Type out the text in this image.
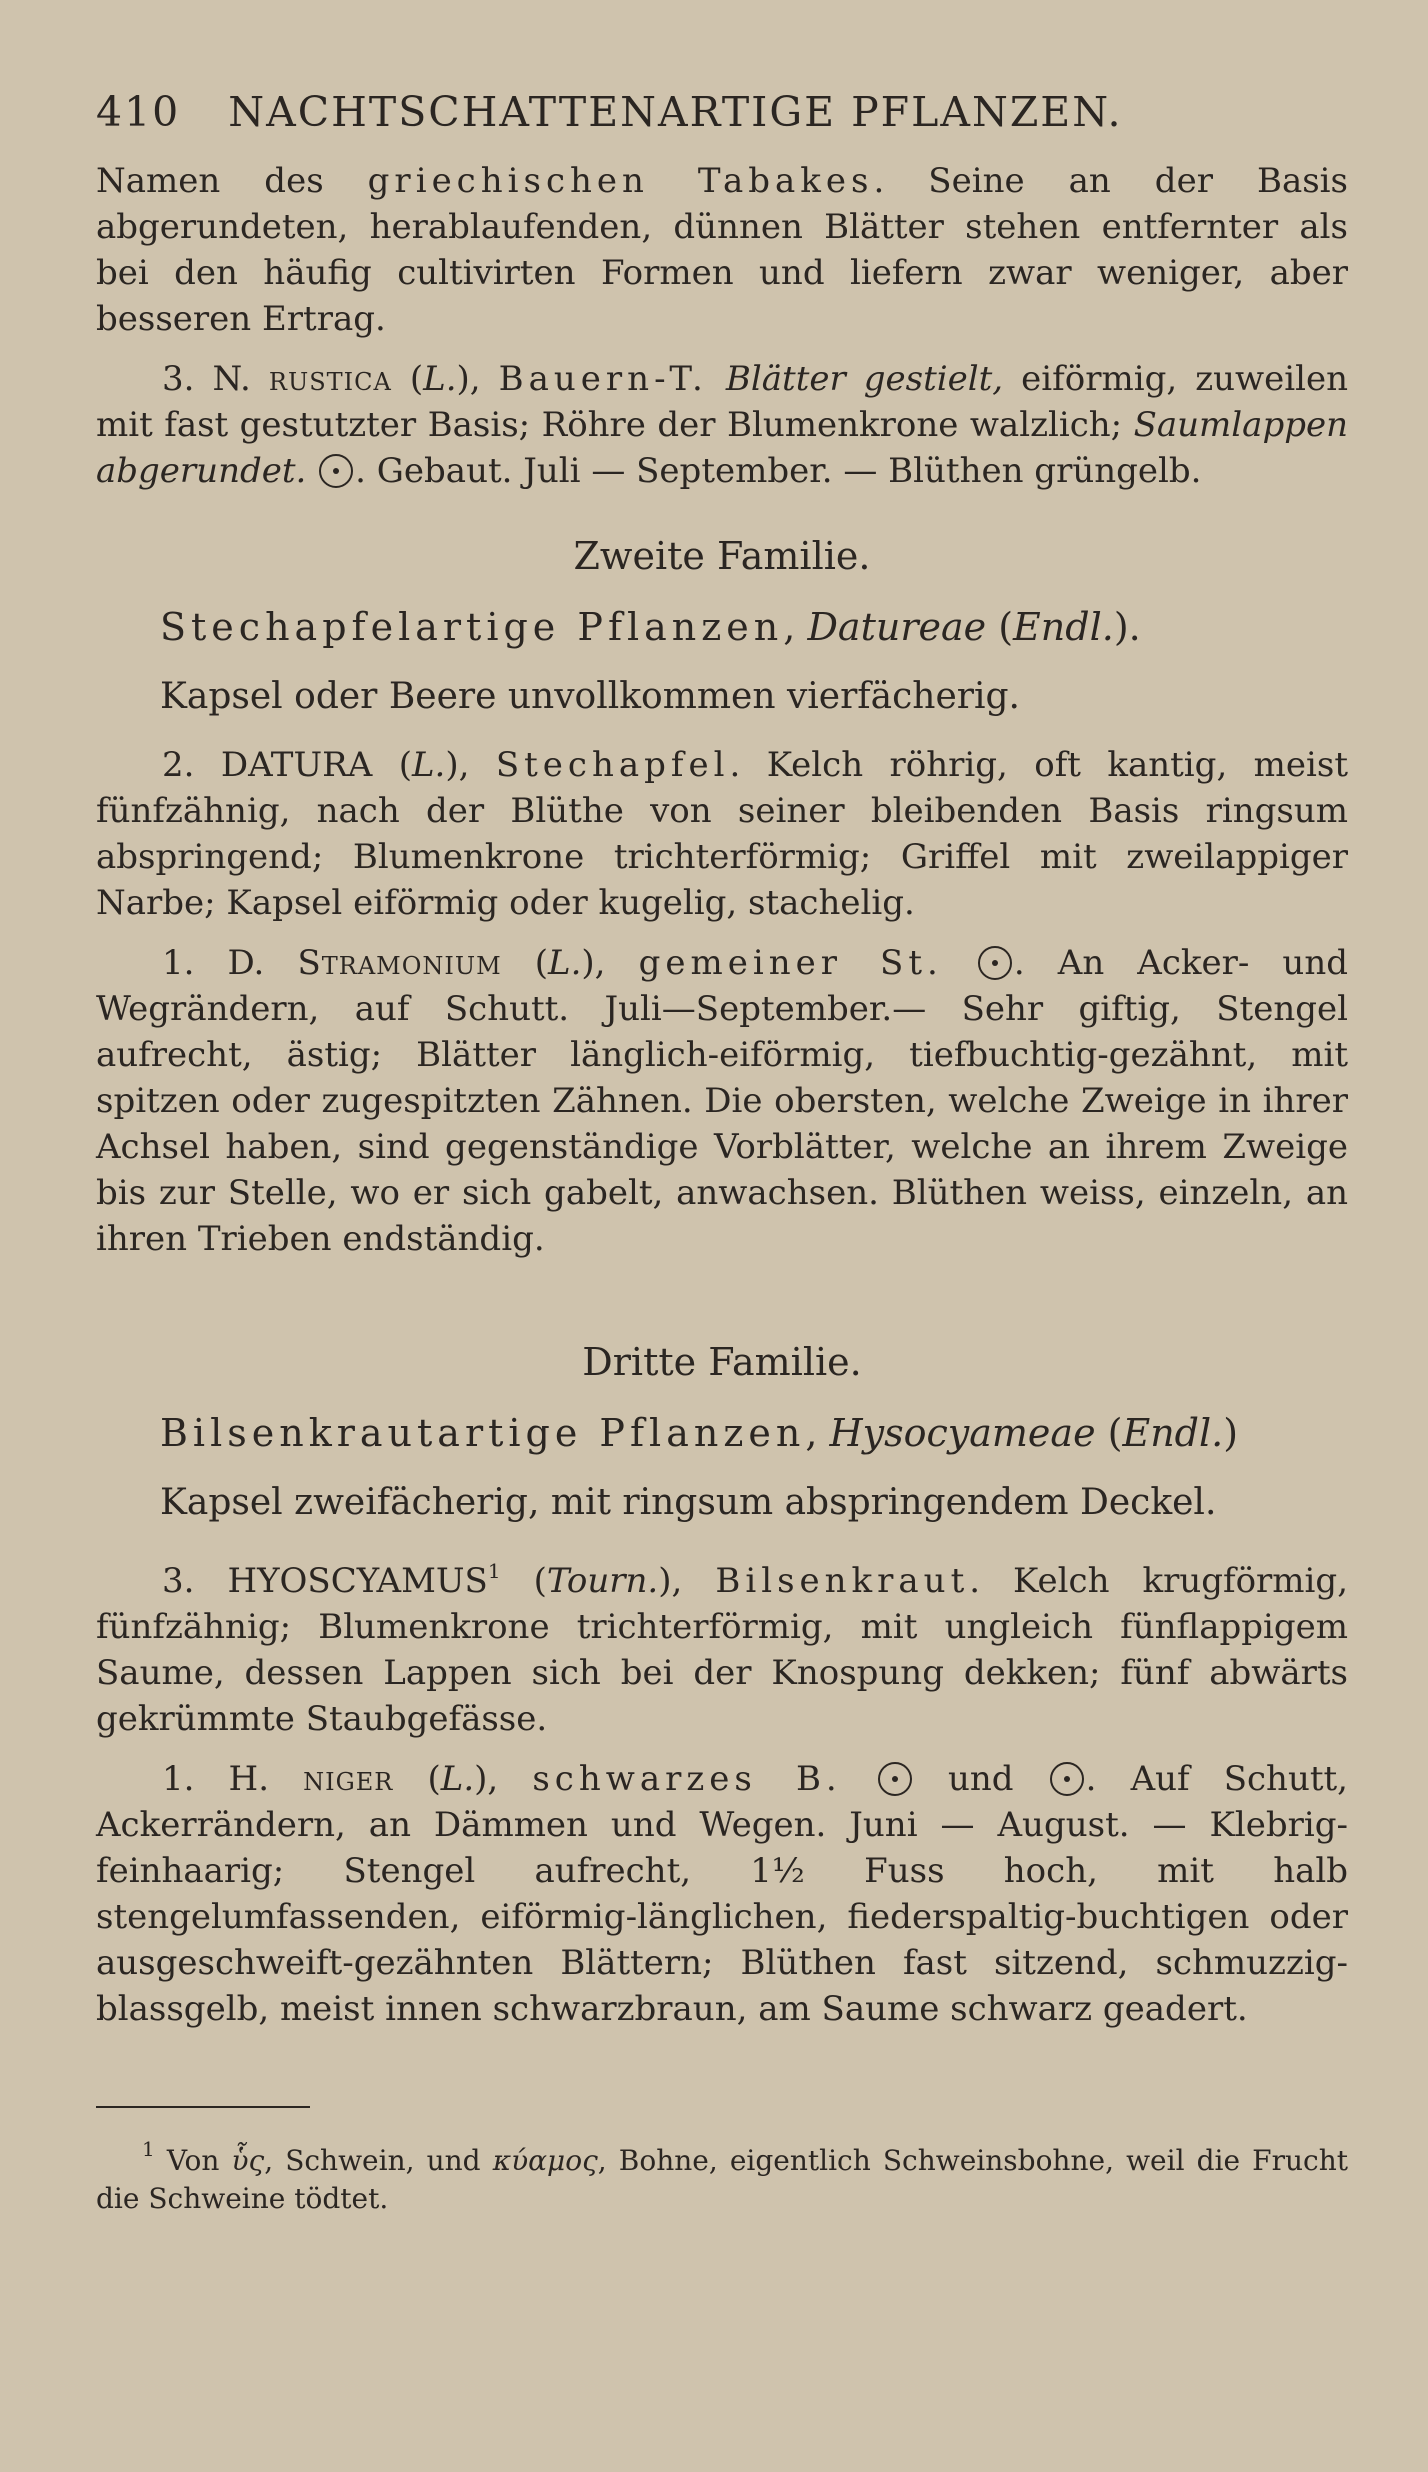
410 NACHTSCHATTENARTIGE PFLANZEN.

Namen des griechischen Tabakes. Seine an der Basis abgerundeten, herablaufenden, dünnen Blätter stehen entfernter als bei den häufig cultivirten Formen und liefern zwar weniger, aber besseren Ertrag.

3. N. rustica (L.), Bauern-T. Blätter gestielt, eiförmig, zuweilen mit fast gestutzter Basis; Röhre der Blumenkrone walzlich; Saumlappen abgerundet. . Gebaut. Juli — September. — Blüthen grüngelb.

Zweite Familie.

Stechapfelartige Pflanzen, Datureae (Endl.).

Kapsel oder Beere unvollkommen vierfächerig.

2. DATURA (L.), Stechapfel. Kelch röhrig, oft kantig, meist fünfzähnig, nach der Blüthe von seiner bleibenden Basis ringsum abspringend; Blumenkrone trichterförmig; Griffel mit zweilappiger Narbe; Kapsel eiförmig oder kugelig, stachelig.

1. D. Stramonium (L.), gemeiner St. . An Acker- und Wegrändern, auf Schutt. Juli—September.— Sehr giftig, Stengel aufrecht, ästig; Blätter länglich-eiförmig, tiefbuchtig-gezähnt, mit spitzen oder zugespitzten Zähnen. Die obersten, welche Zweige in ihrer Achsel haben, sind gegenständige Vorblätter, welche an ihrem Zweige bis zur Stelle, wo er sich gabelt, anwachsen. Blüthen weiss, einzeln, an ihren Trieben endständig.

Dritte Familie.

Bilsenkrautartige Pflanzen, Hysocyameae (Endl.)

Kapsel zweifächerig, mit ringsum abspringendem Deckel.

3. HYOSCYAMUS$^1$ (Tourn.), Bilsenkraut. Kelch krugförmig, fünfzähnig; Blumenkrone trichterförmig, mit ungleich fünflappigem Saume, dessen Lappen sich bei der Knospung dekken; fünf abwärts gekrümmte Staubgefässe.

1. H. niger (L.), schwarzes B.  und . Auf Schutt, Ackerrändern, an Dämmen und Wegen. Juni — August. — Klebrig-feinhaarig; Stengel aufrecht, 1½ Fuss hoch, mit halb stengelumfassenden, eiförmig-länglichen, fiederspaltig-buchtigen oder ausgeschweift-gezähnten Blättern; Blüthen fast sitzend, schmuzzig-blassgelb, meist innen schwarzbraun, am Saume schwarz geadert.

$^1$ Von ὗς, Schwein, und κύαμος, Bohne, eigentlich Schweinsbohne, weil die Frucht die Schweine tödtet.
